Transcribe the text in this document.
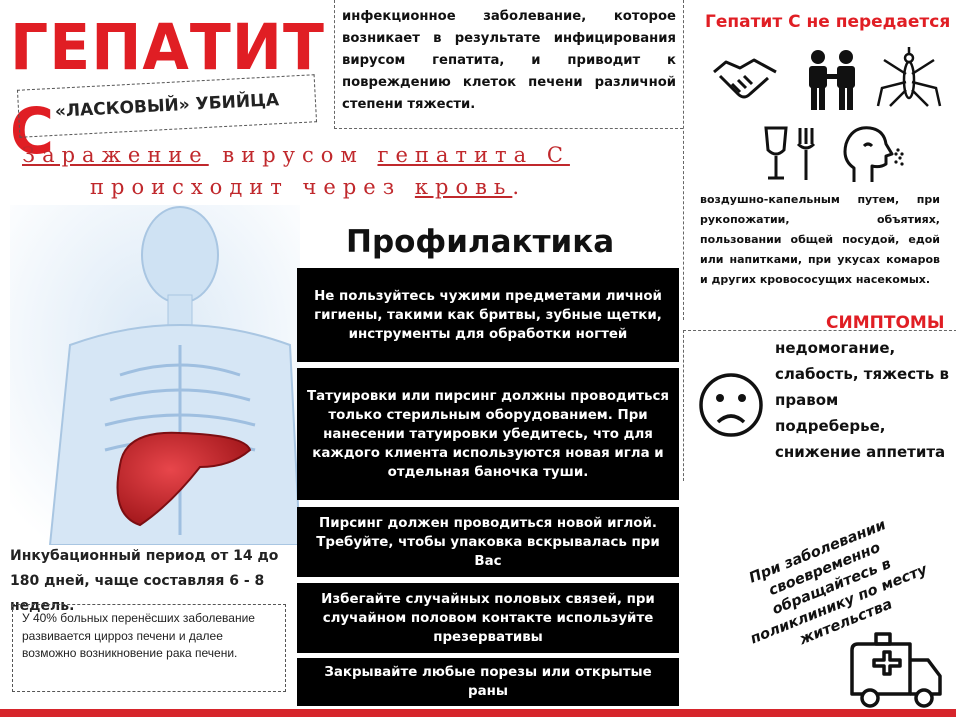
ГЕПАТИТ С «ЛАСКОВЫЙ» УБИЙЦА
инфекционное заболевание, которое возникает в результате инфицирования вирусом гепатита, и приводит к повреждению клеток печени различной степени тяжести.
Заражение вирусом гепатита С
происходит через кровь.
Инкубационный период от 14 до 180 дней, чаще составляя 6 - 8 недель.
У 40% больных перенёсших заболевание развивается цирроз печени и далее возможно возникновение рака печени.
Профилактика
Не пользуйтесь чужими предметами личной гигиены, такими как бритвы, зубные щетки, инструменты для обработки ногтей
Татуировки или пирсинг должны проводиться только стерильным оборудованием. При нанесении татуировки убедитесь, что для каждого клиента используются новая игла и отдельная баночка туши.
Пирсинг должен проводиться новой иглой. Требуйте, чтобы упаковка вскрывалась при Вас
Избегайте случайных половых связей, при случайном половом контакте используйте презервативы
Закрывайте любые порезы или открытые раны
Гепатит С не передается
воздушно-капельным путем, при рукопожатии, объятиях, пользовании общей посудой, едой или напитками, при укусах комаров и других кровососущих насекомых.
СИМПТОМЫ
недомогание, слабость, тяжесть в правом подреберье, снижение аппетита
При заболевании своевременно обращайтесь в поликлинику по месту жительства
